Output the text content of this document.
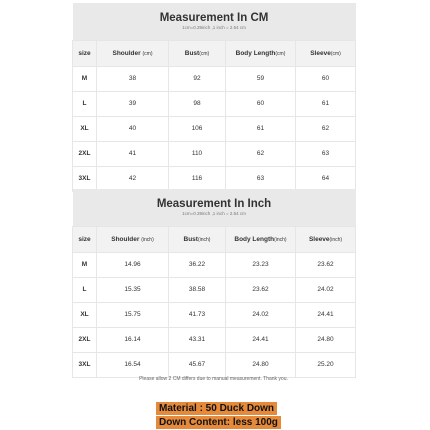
Measurement In CM
1cm=0.39inch ,1 inch = 2.54 cm				

size	Shoulder (cm)	Bust(cm)	Body Length(cm)	Sleeve(cm)
M	38	92	59	60
L	39	98	60	61
XL	40	106	61	62
2XL	41	110	62	63
3XL	42	116	63	64
Measurement In Inch
1cm=0.39inch ,1 inch = 2.54 cm				

size	Shoulder (inch)	Bust(inch)	Body Length(inch)	Sleeve(inch)
M	14.96	36.22	23.23	23.62
L	15.35	38.58	23.62	24.02
XL	15.75	41.73	24.02	24.41
2XL	16.14	43.31	24.41	24.80
3XL	16.54	45.67	24.80	25.20
Please allow 2 CM differs due to manual measurement. Thank you.
Material : 50 Duck Down
Down Content: less 100g
